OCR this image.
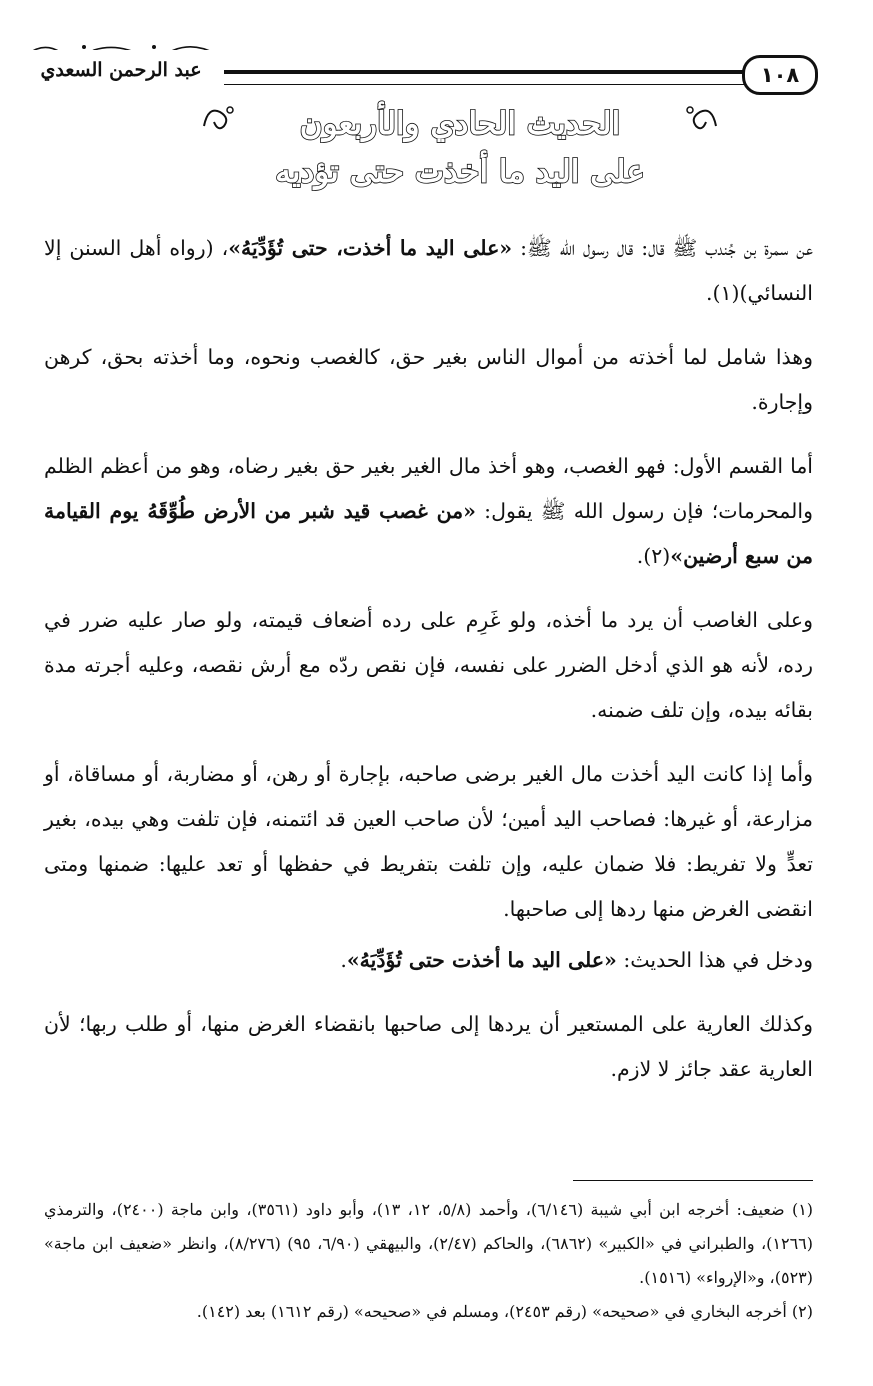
١٠٨
عبد الرحمن السعدي
الحديث الحادي والأربعون
على اليد ما أخذت حتى تؤديه

عن سمرة بن جُندب ﷺ قال: قال رسول الله ﷺ: «على اليد ما أخذت، حتى تُؤَدِّيَهُ»، (رواه أهل السنن إلا النسائي)(١).

وهذا شامل لما أخذته من أموال الناس بغير حق، كالغصب ونحوه، وما أخذته بحق، كرهن وإجارة.

أما القسم الأول: فهو الغصب، وهو أخذ مال الغير بغير حق بغير رضاه، وهو من أعظم الظلم والمحرمات؛ فإن رسول الله ﷺ يقول: «من غصب قيد شبر من الأرض طُوِّقَهُ يوم القيامة من سبع أرضين»(٢).

وعلى الغاصب أن يرد ما أخذه، ولو غَرِم على رده أضعاف قيمته، ولو صار عليه ضرر في رده، لأنه هو الذي أدخل الضرر على نفسه، فإن نقص ردّه مع أرش نقصه، وعليه أجرته مدة بقائه بيده، وإن تلف ضمنه.

وأما إذا كانت اليد أخذت مال الغير برضى صاحبه، بإجارة أو رهن، أو مضاربة، أو مساقاة، أو مزارعة، أو غيرها: فصاحب اليد أمين؛ لأن صاحب العين قد ائتمنه، فإن تلفت وهي بيده، بغير تعدٍّ ولا تفريط: فلا ضمان عليه، وإن تلفت بتفريط في حفظها أو تعد عليها: ضمنها ومتى انقضى الغرض منها ردها إلى صاحبها.

ودخل في هذا الحديث: «على اليد ما أخذت حتى تُؤَدِّيَهُ».

وكذلك العارية على المستعير أن يردها إلى صاحبها بانقضاء الغرض منها، أو طلب ربها؛ لأن العارية عقد جائز لا لازم.

(١) ضعيف: أخرجه ابن أبي شيبة (٦/١٤٦)، وأحمد (٥/٨، ١٢، ١٣)، وأبو داود (٣٥٦١)، وابن ماجة (٢٤٠٠)، والترمذي (١٢٦٦)، والطبراني في «الكبير» (٦٨٦٢)، والحاكم (٢/٤٧)، والبيهقي (٦/٩٠، ٩٥) (٨/٢٧٦)، وانظر «ضعيف ابن ماجة» (٥٢٣)، و«الإرواء» (١٥١٦).

(٢) أخرجه البخاري في «صحيحه» (رقم ٢٤٥٣)، ومسلم في «صحيحه» (رقم ١٦١٢) بعد (١٤٢).
